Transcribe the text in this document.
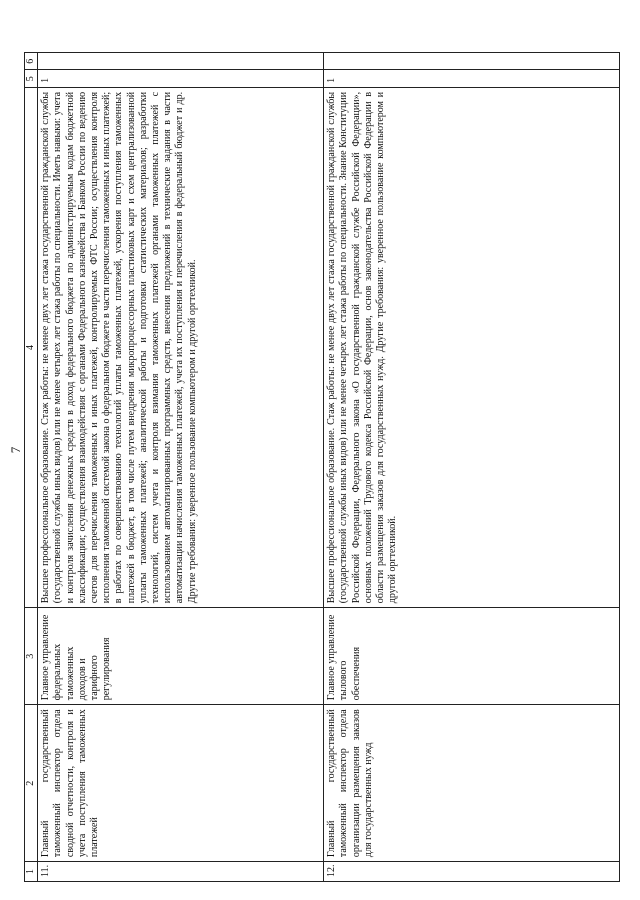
7
1	2	3	4	5	6
11.	Главный государственный таможенный инспектор отдела сводной отчетности, контроля и учета поступления таможенных платежей	Главное управление федеральных таможенных доходов и тарифного регулирования	Высшее профессиональное образование. Стаж работы: не менее двух лет стажа государственной гражданской службы (государственной службы иных видов) или не менее четырех лет стажа работы по специальности. Иметь навыки: учета и контроля зачисления денежных средств в доход федерального бюджета по администрируемым кодам бюджетной классификации; осуществления взаимодействия с органами Федерального казначейства и Банком России по ведению счетов для перечисления таможенных и иных платежей, контролируемых ФТС России; осуществления контроля исполнения таможенной системой закона о федеральном бюджете в части перечисления таможенных и иных платежей; в работах по совершенствованию технологий уплаты таможенных платежей, ускорения поступления таможенных платежей в бюджет, в том числе путем внедрения микропроцессорных пластиковых карт и схем централизованной уплаты таможенных платежей; аналитической работы и подготовки статистических материалов; разработки технологий, систем учета и контроля взимания таможенных платежей органами таможенных платежей с использованием автоматизированных программных средств, внесения предложений в технические задания в части автоматизации начисления таможенных платежей, учета их поступления и перечисления в федеральный бюджет и др. Другие требования: уверенное пользование компьютером и другой оргтехникой.	1	
12.	Главный государственный таможенный инспектор отдела организации размещения заказов для государственных нужд	Главное управление тылового обеспечения	Высшее профессиональное образование. Стаж работы: не менее двух лет стажа государственной гражданской службы (государственной службы иных видов) или не менее четырех лет стажа работы по специальности. Знание Конституции Российской Федерации, Федерального закона «О государственной гражданской службе Российской Федерации», основных положений Трудового кодекса Российской Федерации, основ законодательства Российской Федерации в области размещения заказов для государственных нужд. Другие требования: уверенное пользование компьютером и другой оргтехникой.	1	
